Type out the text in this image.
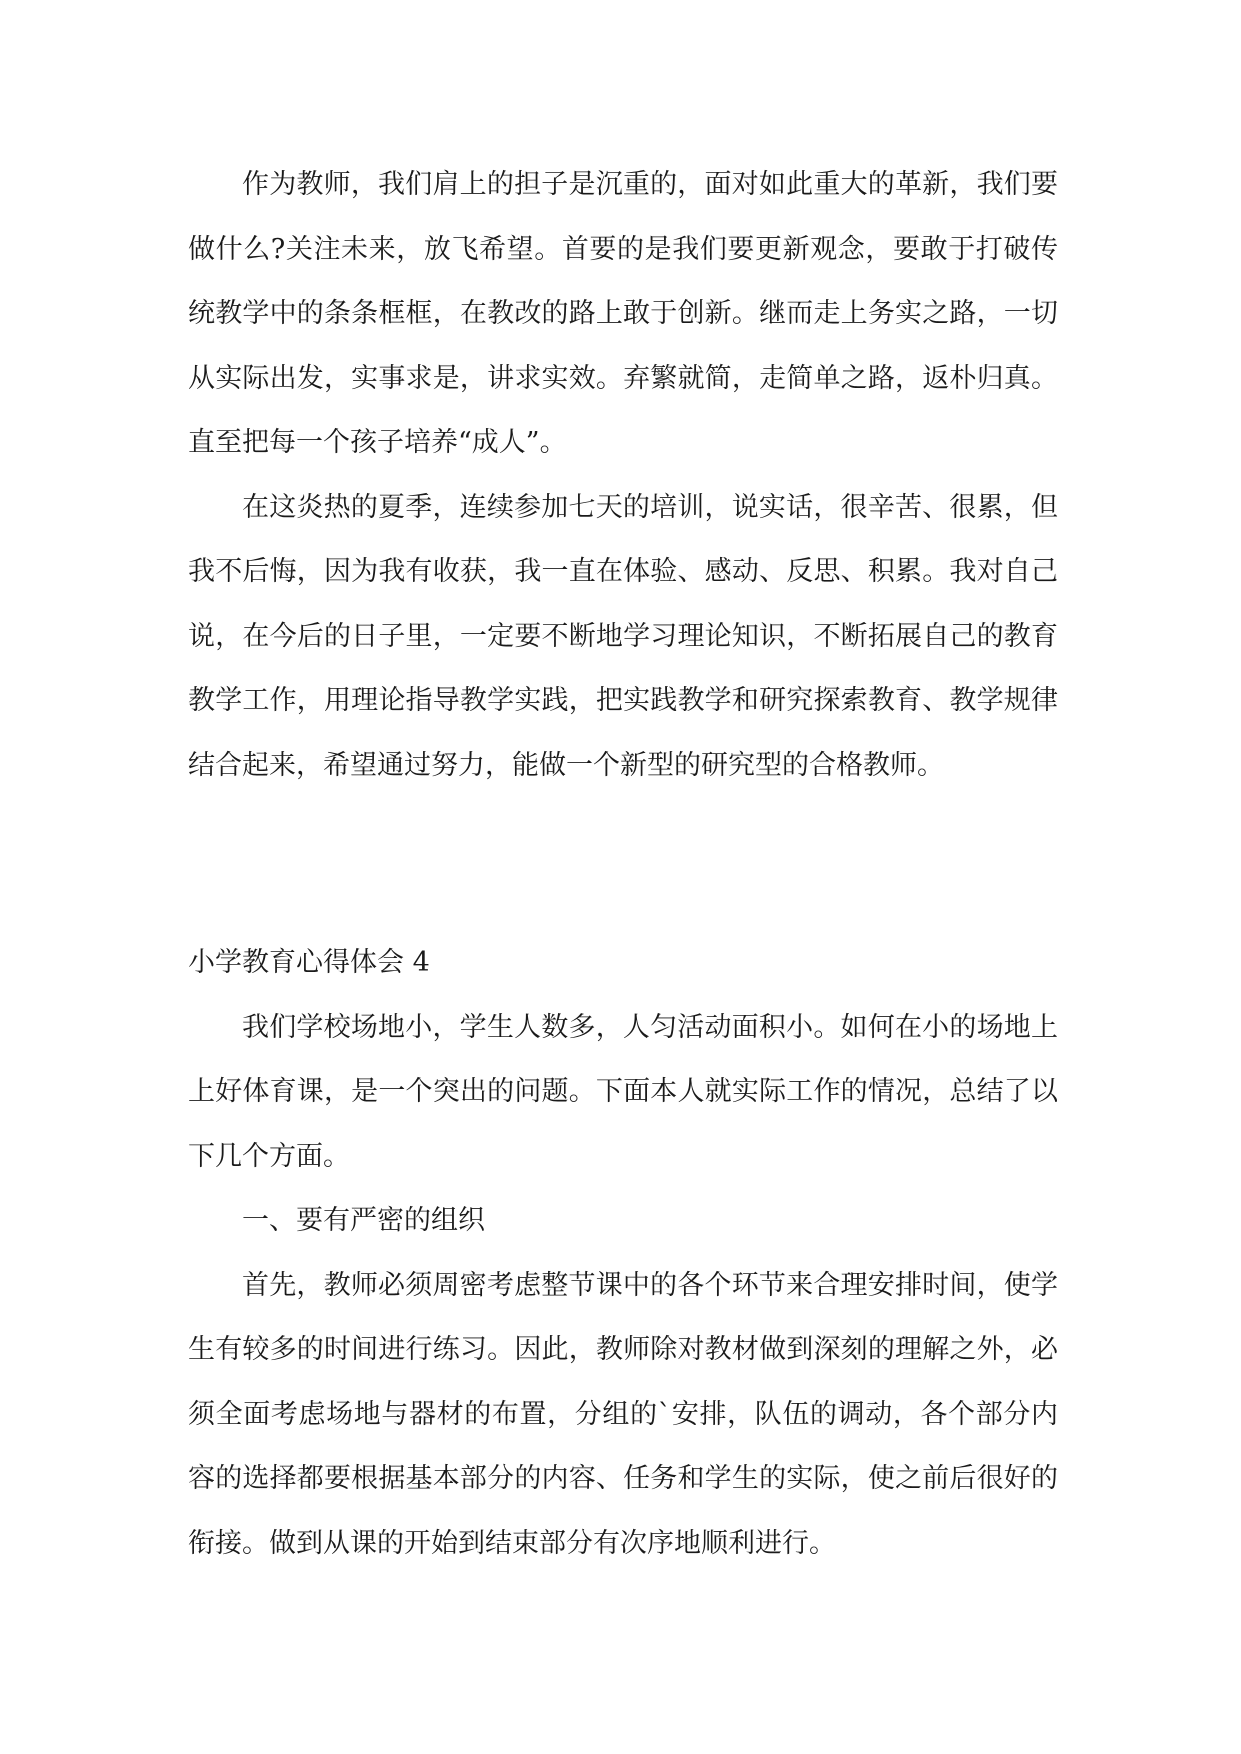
作为教师，我们肩上的担子是沉重的，面对如此重大的革新，我们要做什么?关注未来，放飞希望。首要的是我们要更新观念，要敢于打破传统教学中的条条框框，在教改的路上敢于创新。继而走上务实之路，一切从实际出发，实事求是，讲求实效。弃繁就简，走简单之路，返朴归真。直至把每一个孩子培养“成人”。

在这炎热的夏季，连续参加七天的培训，说实话，很辛苦、很累，但我不后悔，因为我有收获，我一直在体验、感动、反思、积累。我对自己说，在今后的日子里，一定要不断地学习理论知识，不断拓展自己的教育教学工作，用理论指导教学实践，把实践教学和研究探索教育、教学规律结合起来，希望通过努力，能做一个新型的研究型的合格教师。

小学教育心得体会 4

我们学校场地小，学生人数多，人匀活动面积小。如何在小的场地上上好体育课，是一个突出的问题。下面本人就实际工作的情况，总结了以下几个方面。

一、要有严密的组织

首先，教师必须周密考虑整节课中的各个环节来合理安排时间，使学生有较多的时间进行练习。因此，教师除对教材做到深刻的理解之外，必须全面考虑场地与器材的布置，分组的`安排，队伍的调动，各个部分内容的选择都要根据基本部分的内容、任务和学生的实际，使之前后很好的衔接。做到从课的开始到结束部分有次序地顺利进行。
